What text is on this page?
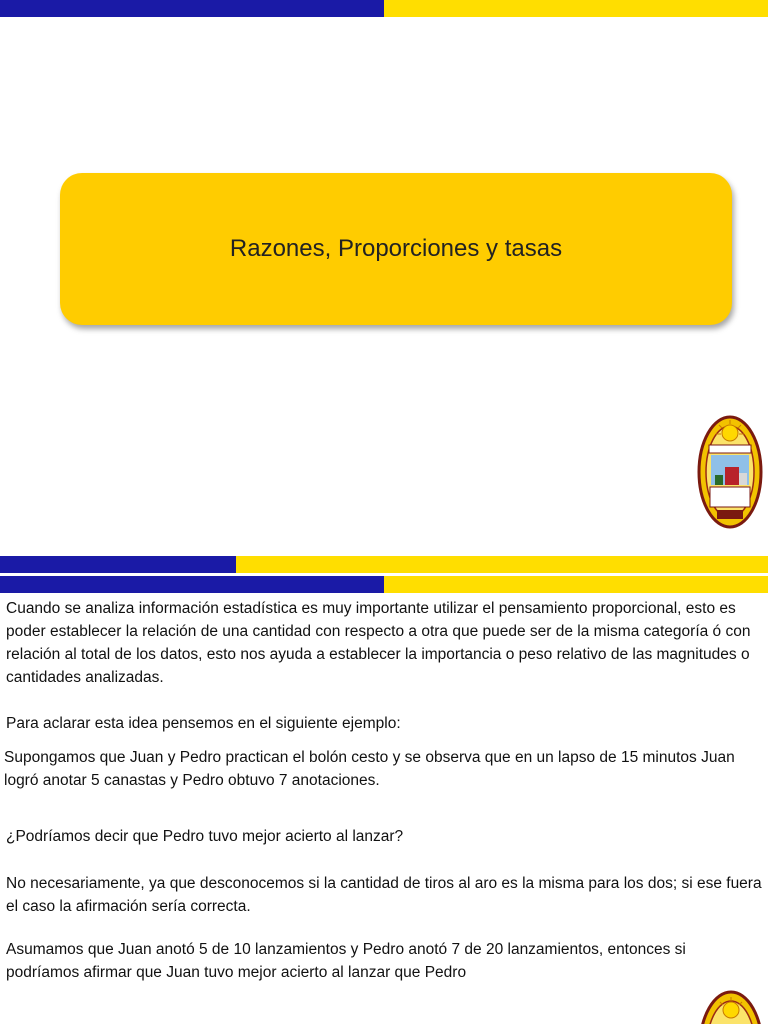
Razones, Proporciones y tasas

Cuando se analiza información estadística es muy importante utilizar el pensamiento proporcional, esto es poder establecer la relación de una cantidad con respecto a otra que puede ser de la misma categoría ó con relación al total de los datos, esto nos ayuda a establecer la importancia o peso relativo de las magnitudes o cantidades analizadas.

Para aclarar esta idea pensemos en el siguiente ejemplo:

Supongamos que Juan y Pedro practican el bolón cesto y se observa que en un lapso de 15 minutos Juan logró anotar 5 canastas y Pedro obtuvo 7 anotaciones.

¿Podríamos decir que Pedro tuvo mejor acierto al lanzar?

No necesariamente, ya que desconocemos si la cantidad de tiros al aro es la misma para los dos; si ese fuera el caso la afirmación sería correcta.

Asumamos que Juan anotó 5 de 10 lanzamientos y Pedro anotó 7 de 20 lanzamientos, entonces si podríamos afirmar que Juan tuvo mejor acierto al lanzar que Pedro
